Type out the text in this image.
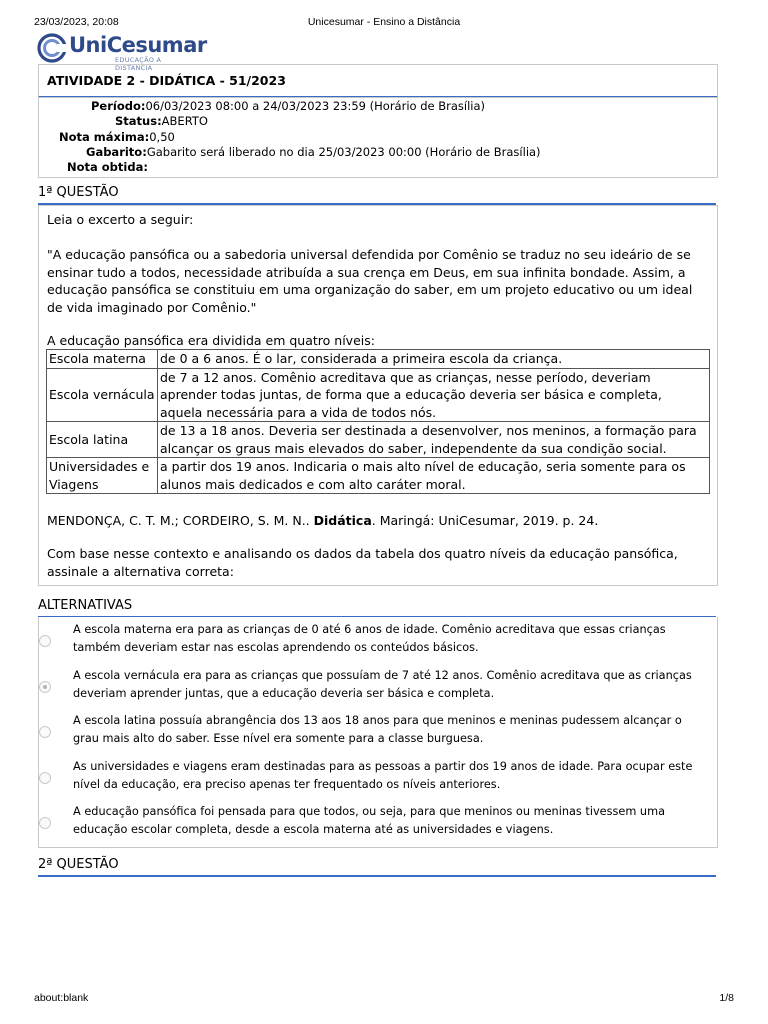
23/03/2023, 20:08	Unicesumar - Ensino a Distância
UniCesumar
EDUCAÇÃO A DISTÂNCIA
ATIVIDADE 2 - DIDÁTICA - 51/2023
Período:06/03/2023 08:00 a 24/03/2023 23:59 (Horário de Brasília)
Status:ABERTO
Nota máxima:0,50
Gabarito:Gabarito será liberado no dia 25/03/2023 00:00 (Horário de Brasília)
Nota obtida:
1ª QUESTÃO

Leia o excerto a seguir:

"A educação pansófica ou a sabedoria universal defendida por Comênio se traduz no seu ideário de se ensinar tudo a todos, necessidade atribuída a sua crença em Deus, em sua infinita bondade. Assim, a educação pansófica se constituiu em uma organização do saber, em um projeto educativo ou um ideal de vida imaginado por Comênio."

A educação pansófica era dividida em quatro níveis:

Escola materna	de 0 a 6 anos. É o lar, considerada a primeira escola da criança.
Escola vernácula	de 7 a 12 anos. Comênio acreditava que as crianças, nesse período, deveriam aprender todas juntas, de forma que a educação deveria ser básica e completa, aquela necessária para a vida de todos nós.
Escola latina	de 13 a 18 anos. Deveria ser destinada a desenvolver, nos meninos, a formação para alcançar os graus mais elevados do saber, independente da sua condição social.
Universidades e Viagens	a partir dos 19 anos. Indicaria o mais alto nível de educação, seria somente para os alunos mais dedicados e com alto caráter moral.

MENDONÇA, C. T. M.; CORDEIRO, S. M. N.. Didática. Maringá: UniCesumar, 2019. p. 24.

Com base nesse contexto e analisando os dados da tabela dos quatro níveis da educação pansófica, assinale a alternativa correta:

ALTERNATIVAS
A escola materna era para as crianças de 0 até 6 anos de idade. Comênio acreditava que essas crianças também deveriam estar nas escolas aprendendo os conteúdos básicos.
A escola vernácula era para as crianças que possuíam de 7 até 12 anos. Comênio acreditava que as crianças deveriam aprender juntas, que a educação deveria ser básica e completa.
A escola latina possuía abrangência dos 13 aos 18 anos para que meninos e meninas pudessem alcançar o grau mais alto do saber. Esse nível era somente para a classe burguesa.
As universidades e viagens eram destinadas para as pessoas a partir dos 19 anos de idade. Para ocupar este nível da educação, era preciso apenas ter frequentado os níveis anteriores.
A educação pansófica foi pensada para que todos, ou seja, para que meninos ou meninas tivessem uma educação escolar completa, desde a escola materna até as universidades e viagens.
2ª QUESTÃO
about:blank	1/8
